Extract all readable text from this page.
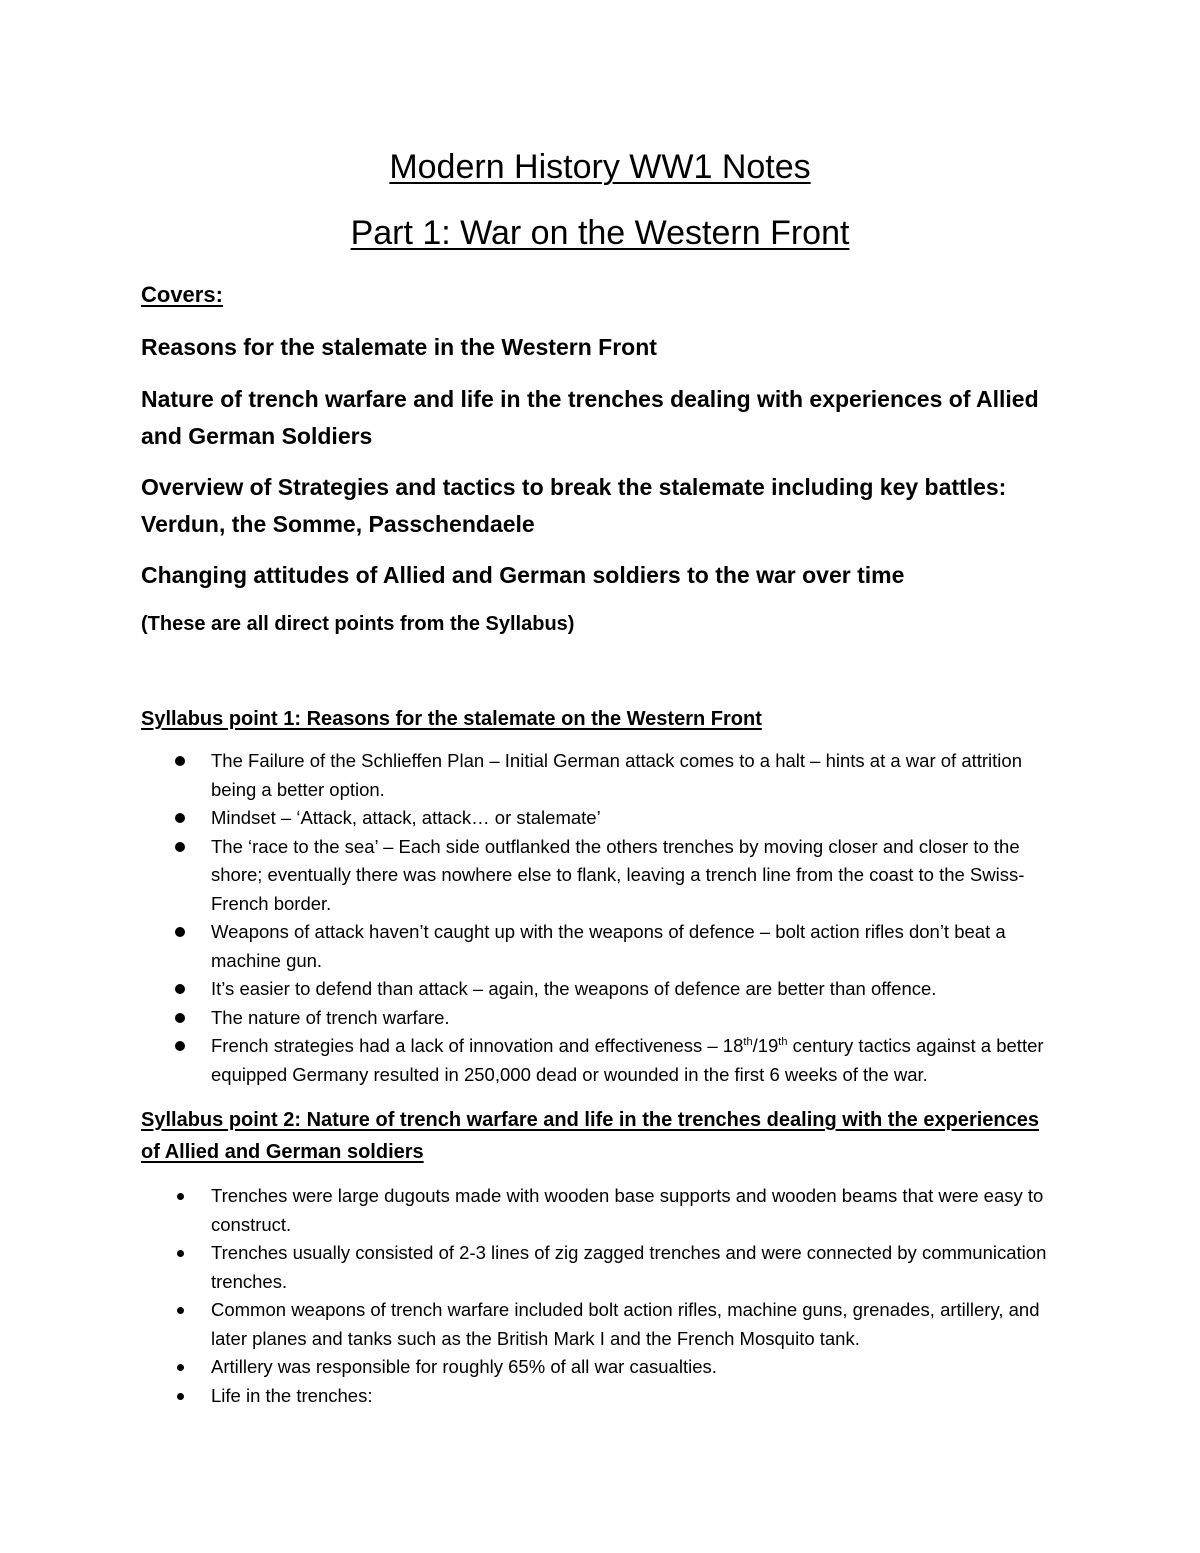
Modern History WW1 Notes
Part 1: War on the Western Front
Covers:
Reasons for the stalemate in the Western Front
Nature of trench warfare and life in the trenches dealing with experiences of Allied and German Soldiers
Overview of Strategies and tactics to break the stalemate including key battles: Verdun, the Somme, Passchendaele
Changing attitudes of Allied and German soldiers to the war over time
(These are all direct points from the Syllabus)
Syllabus point 1: Reasons for the stalemate on the Western Front
The Failure of the Schlieffen Plan – Initial German attack comes to a halt – hints at a war of attrition being a better option.
Mindset – ‘Attack, attack, attack… or stalemate’
The ‘race to the sea’ – Each side outflanked the others trenches by moving closer and closer to the shore; eventually there was nowhere else to flank, leaving a trench line from the coast to the Swiss-French border.
Weapons of attack haven’t caught up with the weapons of defence – bolt action rifles don’t beat a machine gun.
It’s easier to defend than attack – again, the weapons of defence are better than offence.
The nature of trench warfare.
French strategies had a lack of innovation and effectiveness – 18th/19th century tactics against a better equipped Germany resulted in 250,000 dead or wounded in the first 6 weeks of the war.
Syllabus point 2: Nature of trench warfare and life in the trenches dealing with the experiences of Allied and German soldiers
Trenches were large dugouts made with wooden base supports and wooden beams that were easy to construct.
Trenches usually consisted of 2-3 lines of zig zagged trenches and were connected by communication trenches.
Common weapons of trench warfare included bolt action rifles, machine guns, grenades, artillery, and later planes and tanks such as the British Mark I and the French Mosquito tank.
Artillery was responsible for roughly 65% of all war casualties.
Life in the trenches:
